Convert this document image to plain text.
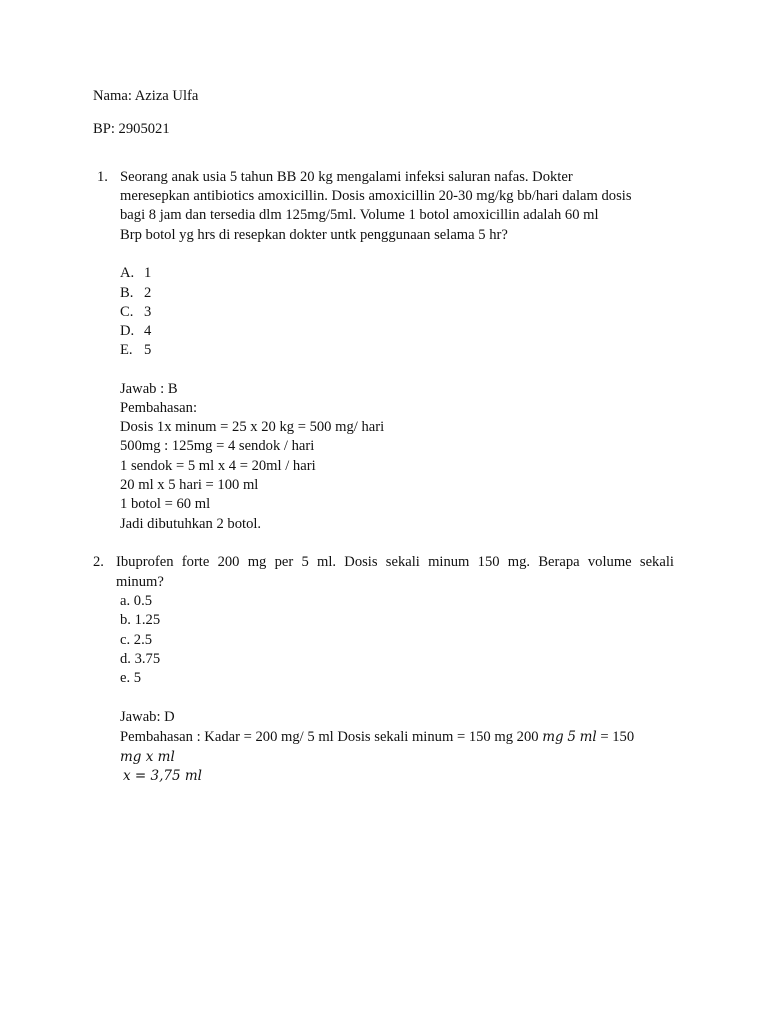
Nama: Aziza Ulfa
BP: 2905021
1. Seorang anak usia 5 tahun BB 20 kg mengalami infeksi saluran nafas. Dokter
meresepkan antibiotics amoxicillin. Dosis amoxicillin 20-30 mg/kg bb/hari dalam dosis
bagi 8 jam dan tersedia dlm 125mg/5ml. Volume 1 botol amoxicillin adalah 60 ml
Brp botol yg hrs di resepkan dokter untk penggunaan selama 5 hr?
A. 1
B. 2
C. 3
D. 4
E. 5
Jawab : B
Pembahasan:
Dosis 1x minum = 25 x 20 kg = 500 mg/ hari
500mg : 125mg = 4 sendok / hari
1 sendok = 5 ml x 4 = 20ml / hari
20 ml x 5 hari = 100 ml
1 botol = 60 ml
Jadi dibutuhkan 2 botol.
2. Ibuprofen forte 200 mg per 5 ml. Dosis sekali minum 150 mg. Berapa volume sekali
minum?
a. 0.5
b. 1.25
c. 2.5
d. 3.75
e. 5
Jawab: D
Pembahasan : Kadar = 200 mg/ 5 ml Dosis sekali minum = 150 mg 200 mg 5 ml = 150
mg x ml
x = 3,75 ml
